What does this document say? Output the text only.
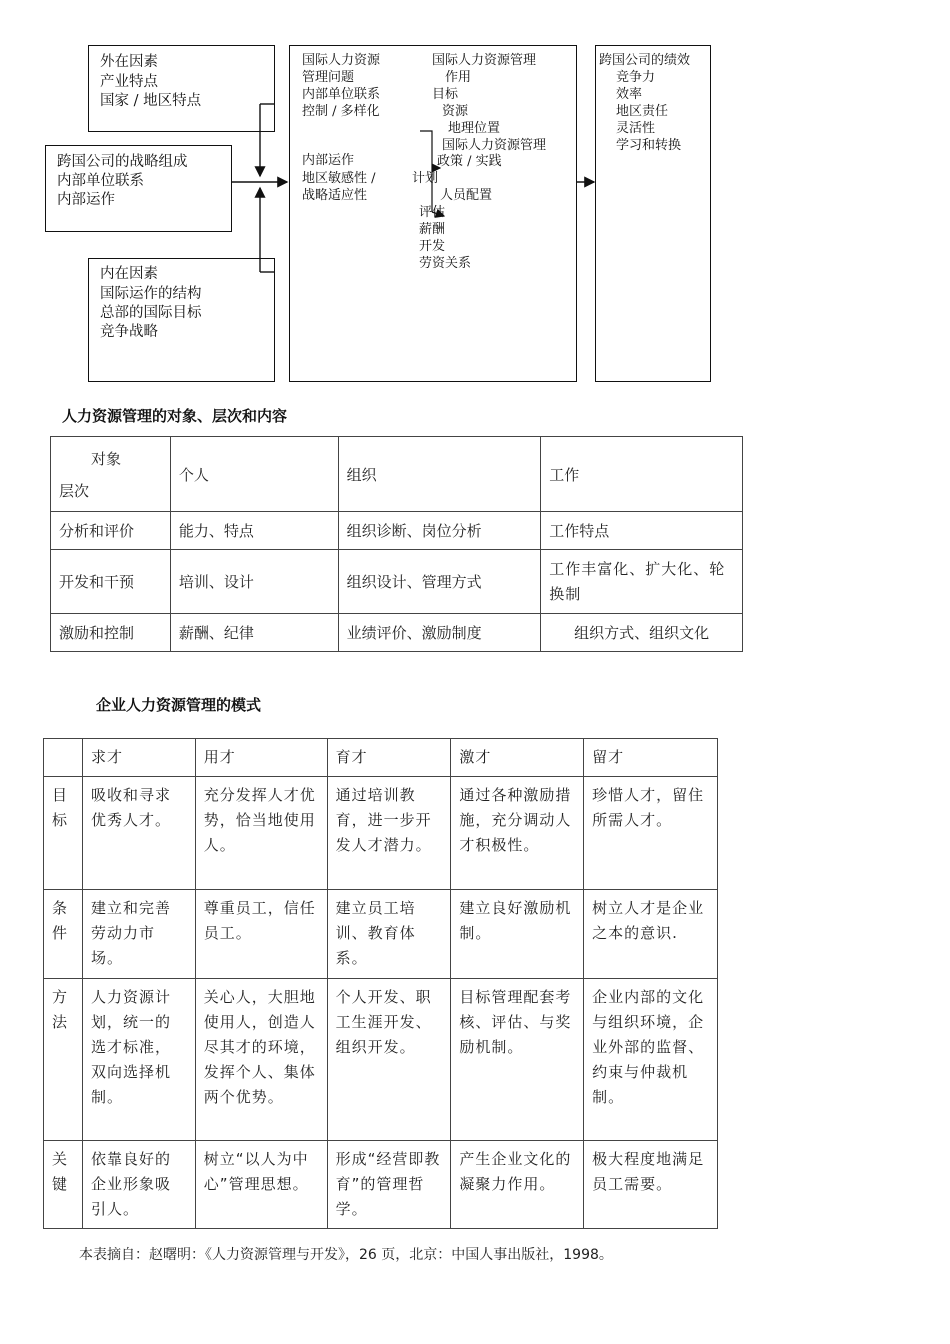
外在因素
产业特点
国家 / 地区特点
跨国公司的战略组成
内部单位联系
内部运作
内在因素
国际运作的结构
总部的国际目标
竞争战略
国际人力资源
管理问题
内部单位联系
控制 / 多样化
内部运作
地区敏感性 /
战略适应性
国际人力资源管理
作用
目标
资源
地理位置
国际人力资源管理
政策 / 实践
计划
人员配置
评估
薪酬
开发
劳资关系
跨国公司的绩效
竞争力
效率
地区责任
灵活性
学习和转换
人力资源管理的对象、层次和内容
对象
层次	个人	组织	工作
分析和评价	能力、特点	组织诊断、岗位分析	工作特点
开发和干预	培训、设计	组织设计、管理方式	工作丰富化、扩大化、轮换制
激励和控制	薪酬、纪律	业绩评价、激励制度	组织方式、组织文化
企业人力资源管理的模式
	求才	用才	育才	激才	留才
目标	吸收和寻求优秀人才。	充分发挥人才优势，恰当地使用人。	通过培训教育，进一步开发人才潜力。	通过各种激励措施，充分调动人才积极性。	珍惜人才，留住所需人才。
条件	建立和完善劳动力市场。	尊重员工，信任员工。	建立员工培训、教育体系。	建立良好激励机制。	树立人才是企业之本的意识.
方法	人力资源计划，统一的选才标准，双向选择机制。	关心人，大胆地使用人，创造人尽其才的环境，发挥个人、集体两个优势。	个人开发、职工生涯开发、组织开发。	目标管理配套考核、评估、与奖励机制。	企业内部的文化与组织环境，企业外部的监督、约束与仲裁机制。
关键	依靠良好的企业形象吸引人。	树立“以人为中心”管理思想。	形成“经营即教育”的管理哲学。	产生企业文化的凝聚力作用。	极大程度地满足员工需要。
本表摘自：赵曙明：《人力资源管理与开发》，26 页，北京：中国人事出版社，1998。
